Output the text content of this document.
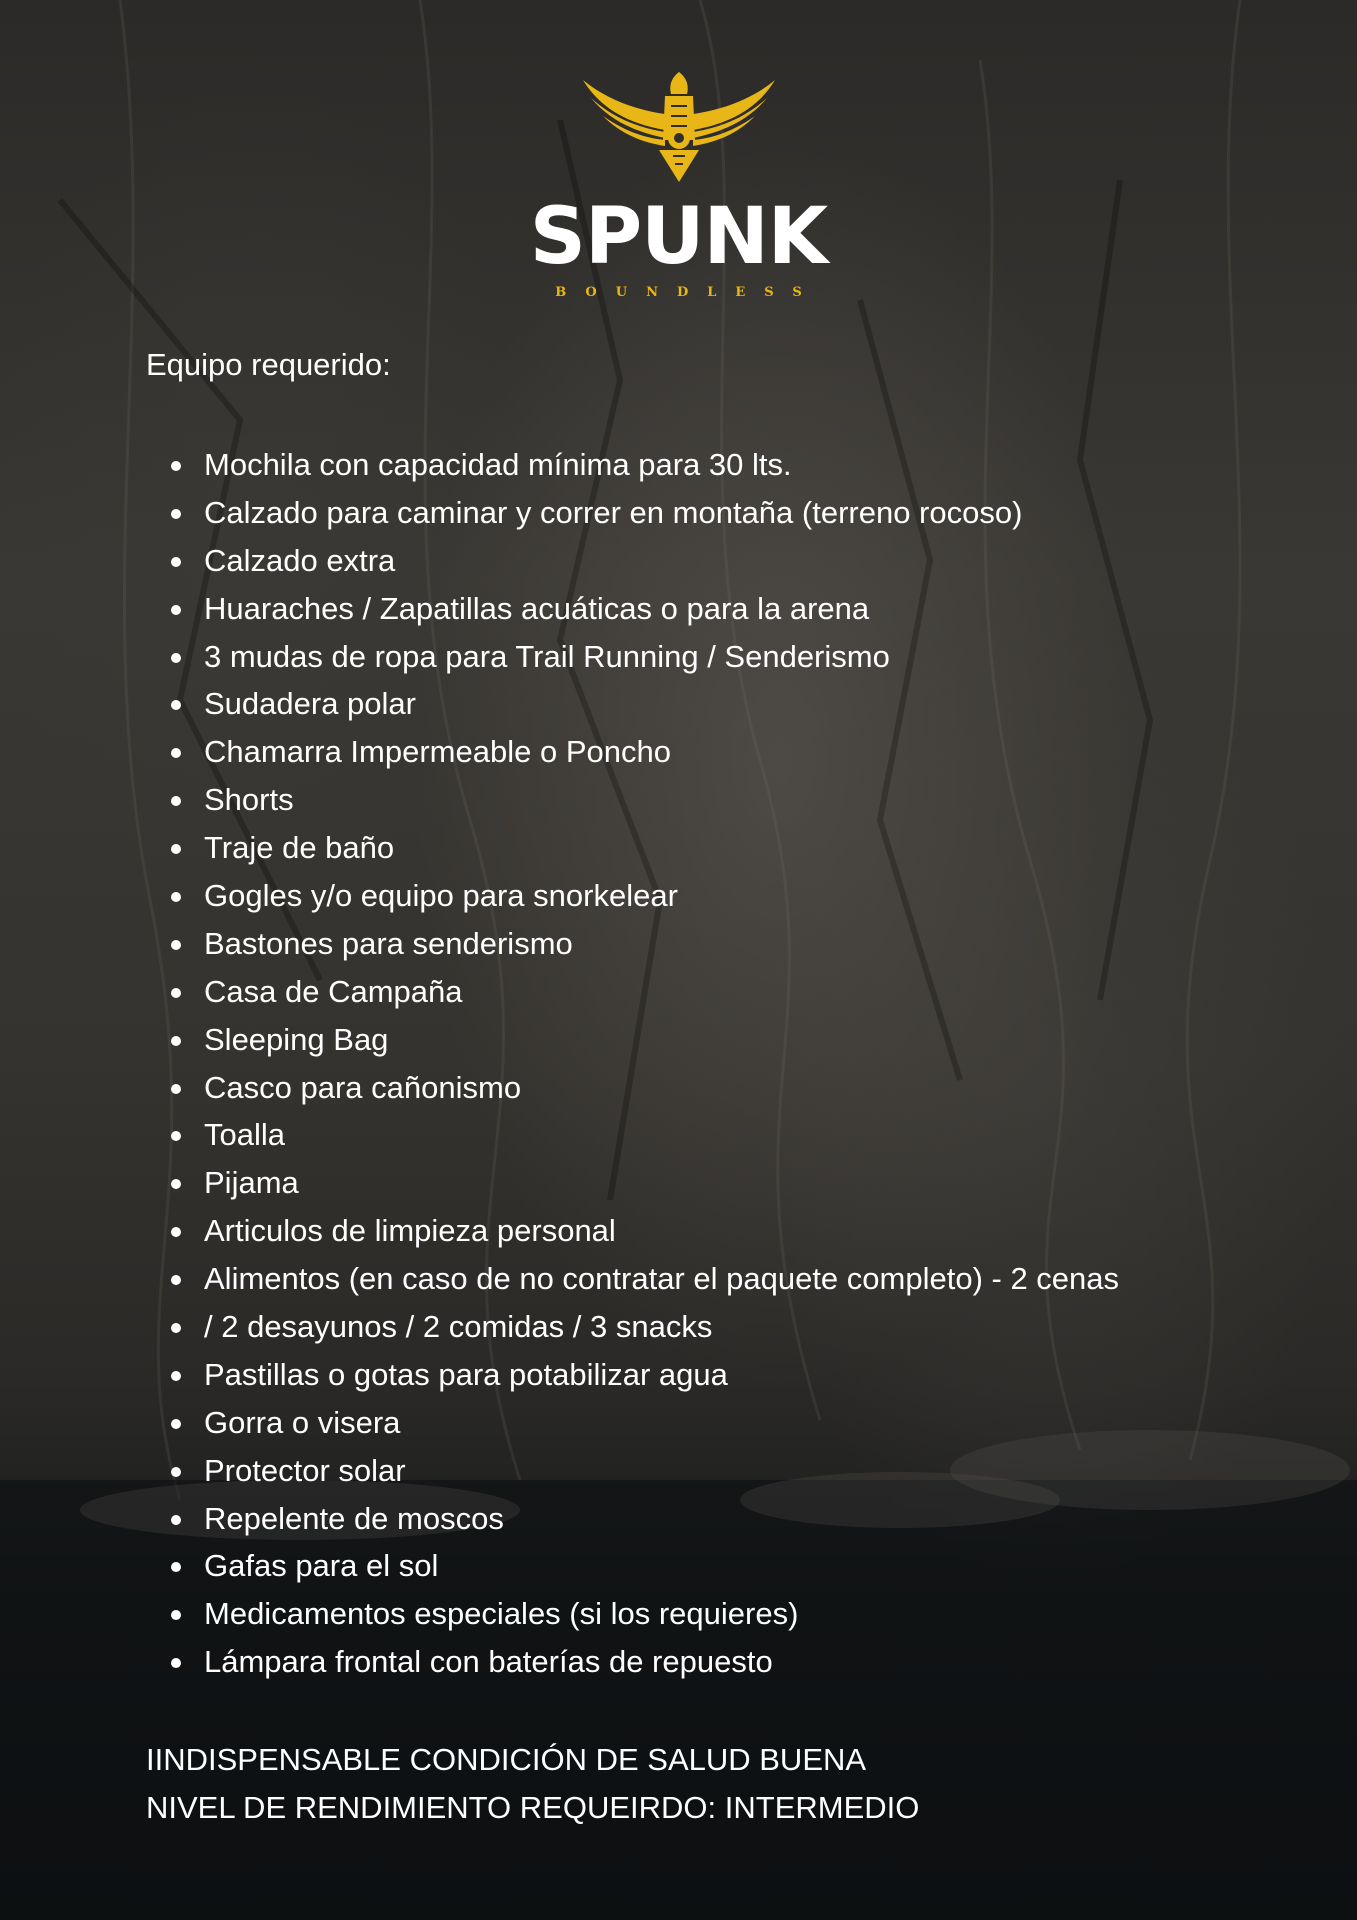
SPUNK
BOUNDLESS

Equipo requerido:

Mochila con capacidad mínima para 30 lts.
Calzado para caminar y correr en montaña (terreno rocoso)
Calzado extra
Huaraches / Zapatillas acuáticas o para la arena
3 mudas de ropa para Trail Running / Senderismo
Sudadera polar
Chamarra Impermeable o Poncho
Shorts
Traje de baño
Gogles y/o equipo para snorkelear
Bastones para senderismo
Casa de Campaña
Sleeping Bag
Casco para cañonismo
Toalla
Pijama
Articulos de limpieza personal
Alimentos (en caso de no contratar el paquete completo) - 2 cenas
/ 2 desayunos / 2 comidas / 3 snacks
Pastillas o gotas para potabilizar agua
Gorra o visera
Protector solar
Repelente de moscos
Gafas para el sol
Medicamentos especiales (si los requieres)
Lámpara frontal con baterías de repuesto
IINDISPENSABLE CONDICIÓN DE SALUD BUENA
NIVEL DE RENDIMIENTO REQUEIRDO: INTERMEDIO
